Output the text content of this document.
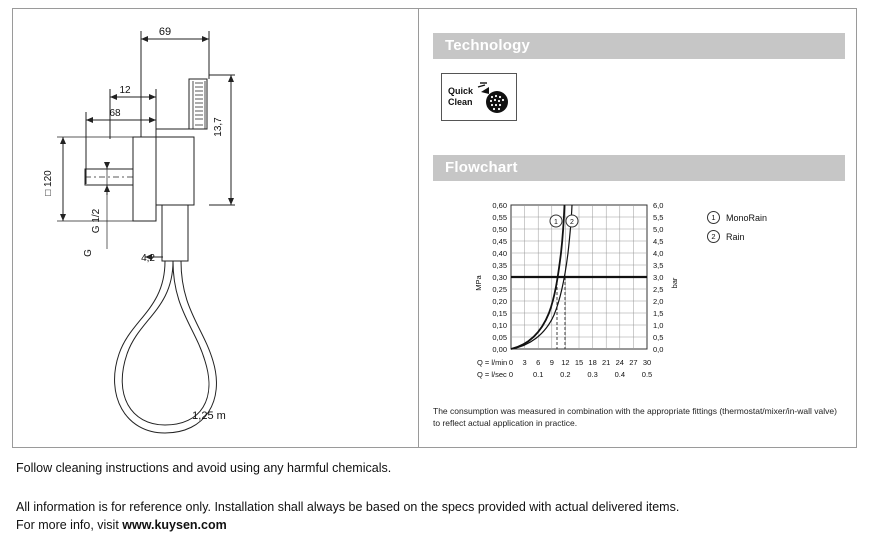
69
12
68
13,7
□ 120
G 1/2
G	4,2
1,25 m
Technology
Quick
Clean
Flowchart
1 2
0,60
0,55
0,50
0,45
0,40
0,35
0,30
0,25
0,20
0,15
0,10
0,05
0,00
6,0
5,5
5,0
4,5
4,0
3,5
3,0
2,5
2,0
1,5
1,0
0,5
0,0
MPa	bar
Q = l/min
Q = l/sec
0 3 6 9 12 15 18 21 24 27 30
0	0.1 0.2 0.3 0.4 0.5
1	MonoRain
2	Rain
The consumption was measured in combination with the appropriate fittings (thermostat/mixer/in-wall valve) to reflect actual application in practice.
Follow cleaning instructions and avoid using any harmful chemicals.
All information is for reference only. Installation shall always be based on the specs provided with actual delivered items.
For more info, visit www.kuysen.com
